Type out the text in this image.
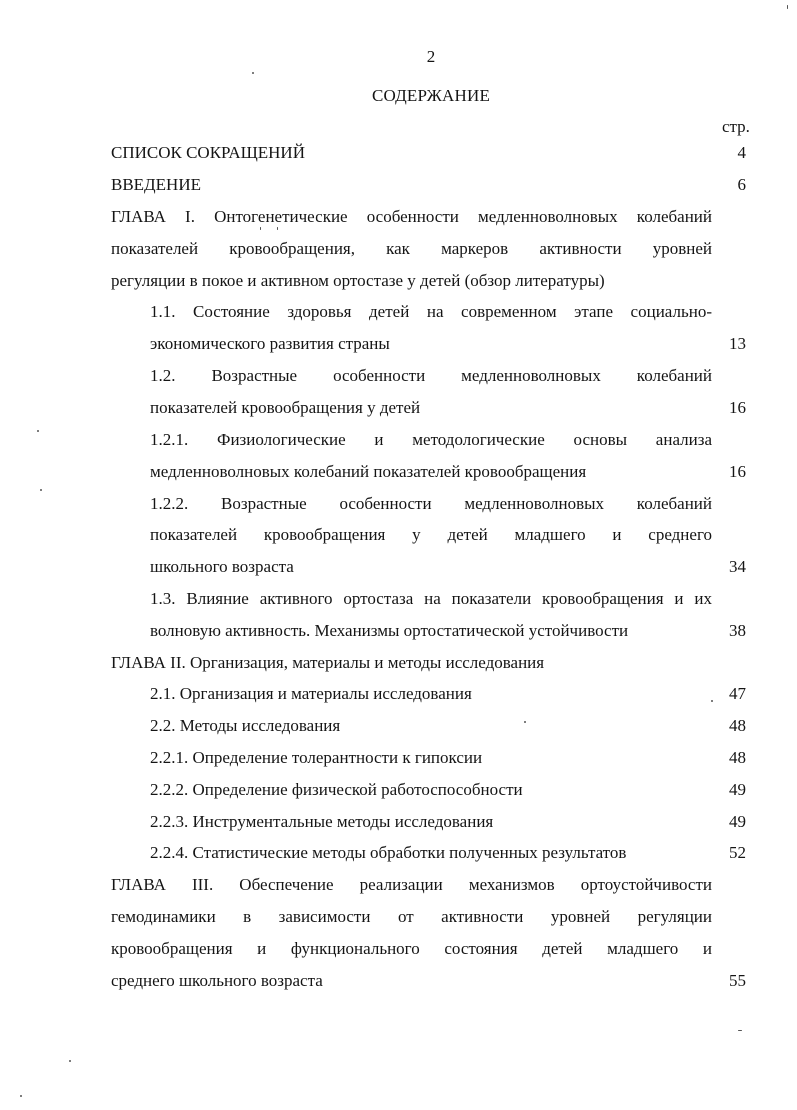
2
СОДЕРЖАНИЕ
стр.
СПИСОК СОКРАЩЕНИЙ	4
ВВЕДЕНИЕ	6
ГЛАВА I. Онтогенетические особенности медленноволновых колебаний
показателей кровообращения, как маркеров активности уровней
регуляции в покое и активном ортостазе у детей (обзор литературы)
1.1. Состояние здоровья детей на современном этапе социально-
экономического развития страны	13
1.2. Возрастные особенности медленноволновых колебаний
показателей кровообращения у детей	16
1.2.1. Физиологические и методологические основы анализа
медленноволновых колебаний показателей кровообращения	16
1.2.2. Возрастные особенности медленноволновых колебаний
показателей кровообращения у детей младшего и среднего
школьного возраста	34
1.3. Влияние активного ортостаза на показатели кровообращения и их
волновую активность. Механизмы ортостатической устойчивости	38
ГЛАВА II. Организация, материалы и методы исследования
2.1. Организация и материалы исследования	47
2.2. Методы исследования	48
2.2.1. Определение толерантности к гипоксии	48
2.2.2. Определение физической работоспособности	49
2.2.3. Инструментальные методы исследования	49
2.2.4. Статистические методы обработки полученных результатов	52
ГЛАВА III. Обеспечение реализации механизмов ортоустойчивости
гемодинамики в зависимости от активности уровней регуляции
кровообращения и функционального состояния детей младшего и
среднего школьного возраста	55
